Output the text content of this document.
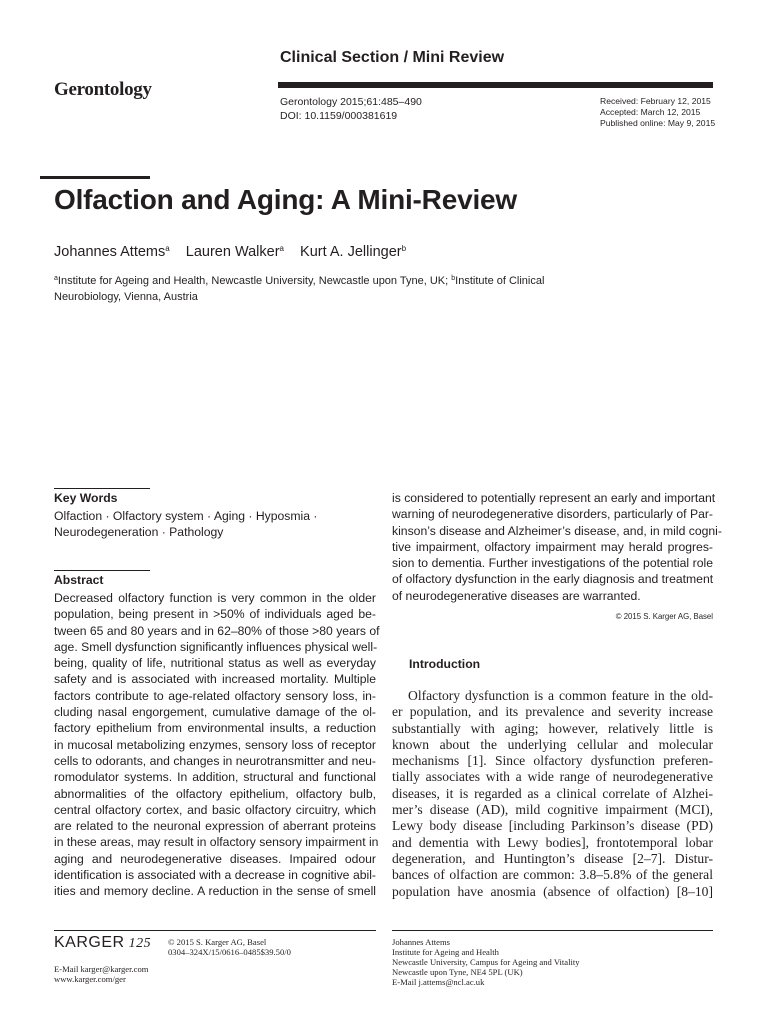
Clinical Section / Mini Review
Gerontology
Gerontology 2015;61:485–490
DOI: 10.1159/000381619
Received: February 12, 2015
Accepted: March 12, 2015
Published online: May 9, 2015
Olfaction and Aging: A Mini-Review
Johannes Attems$^a$ Lauren Walker$^a$ Kurt A. Jellinger$^b$
$^a$Institute for Ageing and Health, Newcastle University, Newcastle upon Tyne, UK; $^b$Institute of Clinical
Neurobiology, Vienna, Austria
Key Words
Olfaction · Olfactory system · Aging · Hyposmia ·
Neurodegeneration · Pathology
Abstract
Decreased olfactory function is very common in the older
population, being present in >50% of individuals aged be-
tween 65 and 80 years and in 62–80% of those >80 years of
age. Smell dysfunction significantly influences physical well-
being, quality of life, nutritional status as well as everyday
safety and is associated with increased mortality. Multiple
factors contribute to age-related olfactory sensory loss, in-
cluding nasal engorgement, cumulative damage of the ol-
factory epithelium from environmental insults, a reduction
in mucosal metabolizing enzymes, sensory loss of receptor
cells to odorants, and changes in neurotransmitter and neu-
romodulator systems. In addition, structural and functional
abnormalities of the olfactory epithelium, olfactory bulb,
central olfactory cortex, and basic olfactory circuitry, which
are related to the neuronal expression of aberrant proteins
in these areas, may result in olfactory sensory impairment in
aging and neurodegenerative diseases. Impaired odour
identification is associated with a decrease in cognitive abil-
ities and memory decline. A reduction in the sense of smell
is considered to potentially represent an early and important
warning of neurodegenerative disorders, particularly of Par-
kinson’s disease and Alzheimer’s disease, and, in mild cogni-
tive impairment, olfactory impairment may herald progres-
sion to dementia. Further investigations of the potential role
of olfactory dysfunction in the early diagnosis and treatment
of neurodegenerative diseases are warranted.
© 2015 S. Karger AG, Basel
Introduction
Olfactory dysfunction is a common feature in the old-
er population, and its prevalence and severity increase
substantially with aging; however, relatively little is
known about the underlying cellular and molecular
mechanisms [1]. Since olfactory dysfunction preferen-
tially associates with a wide range of neurodegenerative
diseases, it is regarded as a clinical correlate of Alzhei-
mer’s disease (AD), mild cognitive impairment (MCI),
Lewy body disease [including Parkinson’s disease (PD)
and dementia with Lewy bodies], frontotemporal lobar
degeneration, and Huntington’s disease [2–7]. Distur-
bances of olfaction are common: 3.8–5.8% of the general
population have anosmia (absence of olfaction) [8–10]
KARGER 125 © 2015 S. Karger AG, Basel
0304–324X/15/0616–0485$39.50/0
E-Mail karger@karger.com
www.karger.com/ger
Johannes Attems
Institute for Ageing and Health
Newcastle University, Campus for Ageing and Vitality
Newcastle upon Tyne, NE4 5PL (UK)
E-Mail j.attems@ncl.ac.uk
